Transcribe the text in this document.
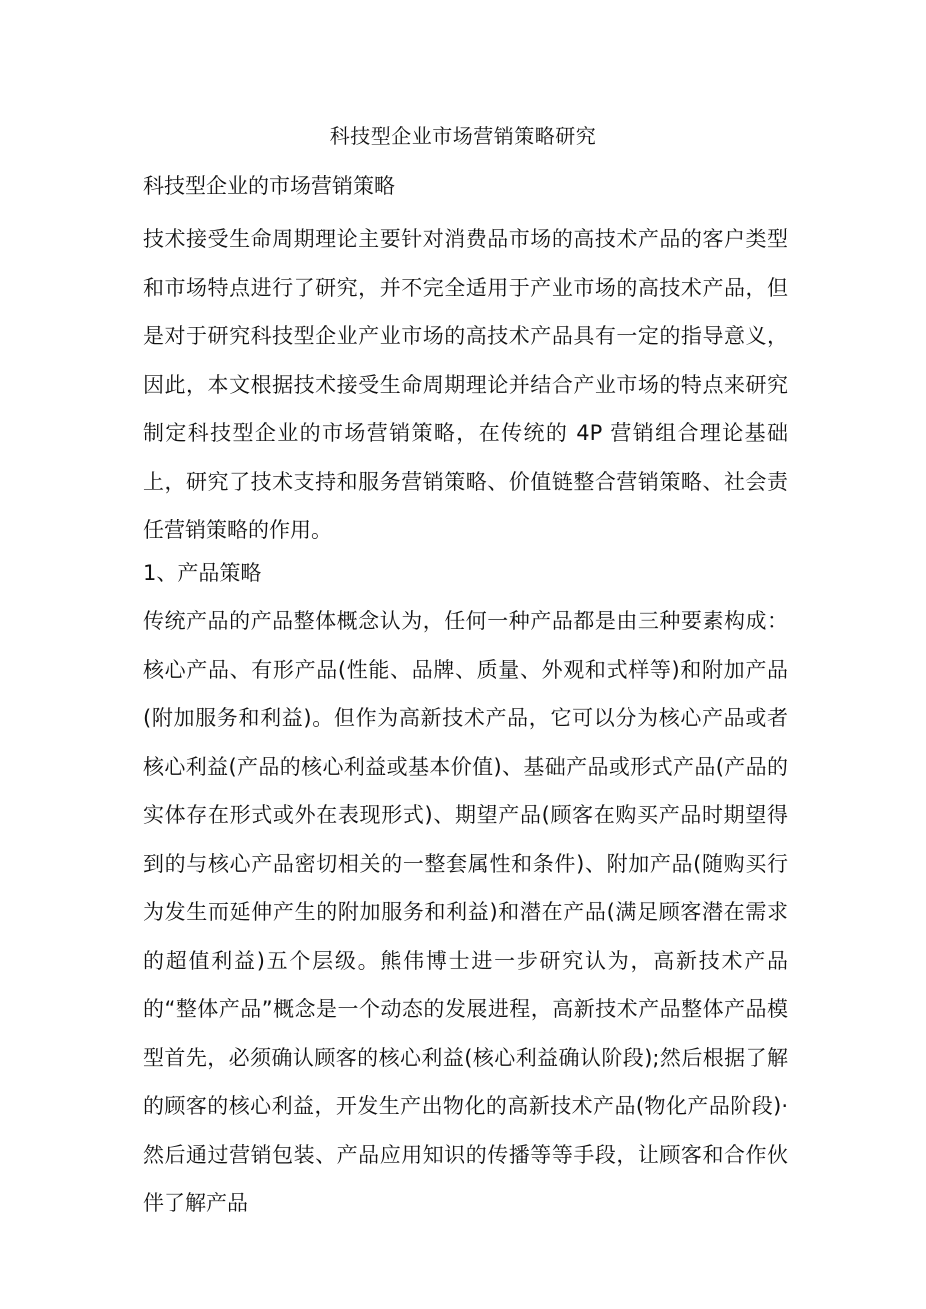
科技型企业市场营销策略研究
科技型企业的市场营销策略

技术接受生命周期理论主要针对消费品市场的高技术产品的客户类型和市场特点进行了研究，并不完全适用于产业市场的高技术产品，但是对于研究科技型企业产业市场的高技术产品具有一定的指导意义，因此，本文根据技术接受生命周期理论并结合产业市场的特点来研究制定科技型企业的市场营销策略，在传统的 4P 营销组合理论基础上，研究了技术支持和服务营销策略、价值链整合营销策略、社会责任营销策略的作用。

1、产品策略

传统产品的产品整体概念认为，任何一种产品都是由三种要素构成：核心产品、有形产品(性能、品牌、质量、外观和式样等)和附加产品(附加服务和利益)。但作为高新技术产品，它可以分为核心产品或者核心利益(产品的核心利益或基本价值)、基础产品或形式产品(产品的实体存在形式或外在表现形式)、期望产品(顾客在购买产品时期望得到的与核心产品密切相关的一整套属性和条件)、附加产品(随购买行为发生而延伸产生的附加服务和利益)和潜在产品(满足顾客潜在需求的超值利益)五个层级。熊伟博士进一步研究认为，高新技术产品的“整体产品”概念是一个动态的发展进程，高新技术产品整体产品模型首先，必须确认顾客的核心利益(核心利益确认阶段);然后根据了解的顾客的核心利益，开发生产出物化的高新技术产品(物化产品阶段)·然后通过营销包装、产品应用知识的传播等等手段，让顾客和合作伙伴了解产品
